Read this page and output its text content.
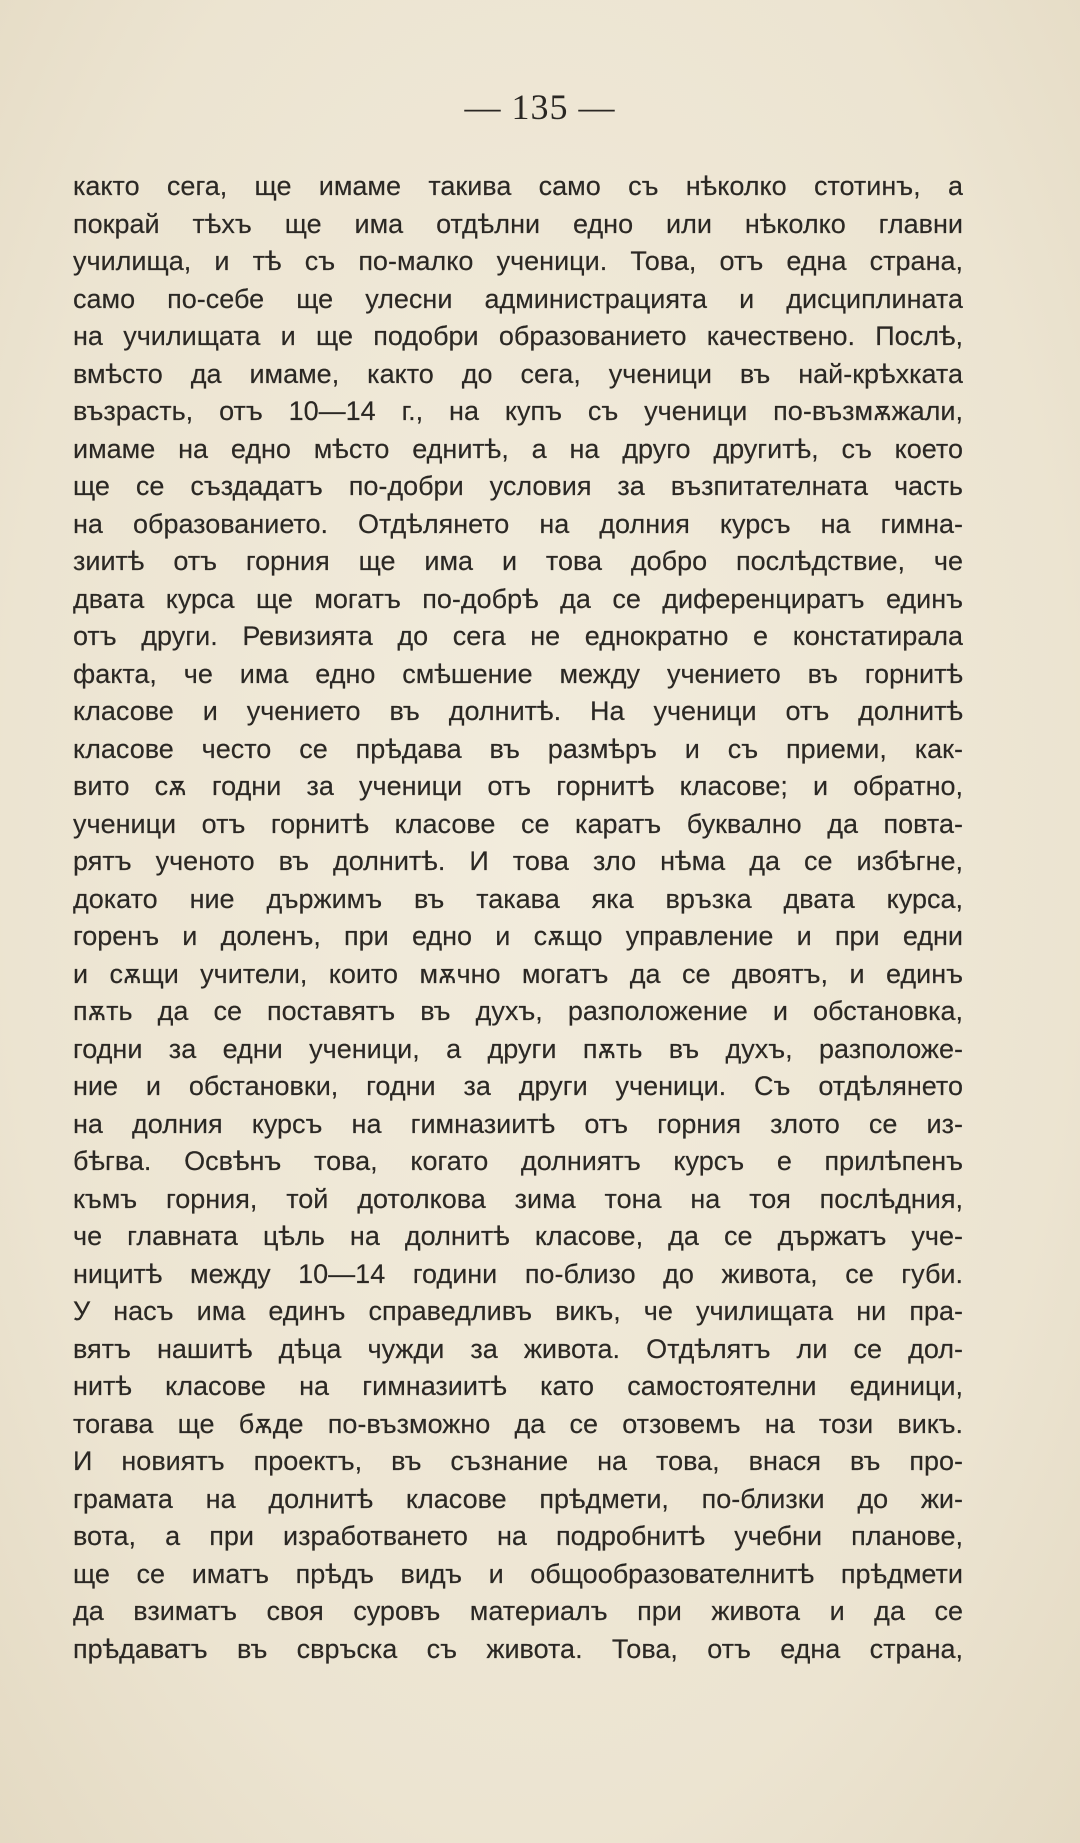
— 135 —
както сега, ще имаме такива само съ нѣколко стотинъ, а
покрай тѣхъ ще има отдѣлни едно или нѣколко главни
училища, и тѣ съ по-малко ученици. Това, отъ една страна,
само по-себе ще улесни администрацията и дисциплината
на училищата и ще подобри образованието качествено. Послѣ,
вмѣсто да имаме, както до сега, ученици въ най-крѣхката
възрасть, отъ 10—14 г., на купъ съ ученици по-възмѫжали,
имаме на едно мѣсто еднитѣ, а на друго другитѣ, съ което
ще се създадатъ по-добри условия за възпитателната часть
на образованието. Отдѣлянето на долния курсъ на гимна-
зиитѣ отъ горния ще има и това добро послѣдствие, че
двата курса ще могатъ по-добрѣ да се диференциратъ единъ
отъ други. Ревизията до сега не еднократно е констатирала
факта, че има едно смѣшение между учението въ горнитѣ
класове и учението въ долнитѣ. На ученици отъ долнитѣ
класове често се прѣдава въ размѣръ и съ приеми, как-
вито сѫ годни за ученици отъ горнитѣ класове; и обратно,
ученици отъ горнитѣ класове се каратъ буквално да повта-
рятъ ученото въ долнитѣ. И това зло нѣма да се избѣгне,
докато ние държимъ въ такава яка връзка двата курса,
горенъ и доленъ, при едно и сѫщо управление и при едни
и сѫщи учители, които мѫчно могатъ да се двоятъ, и единъ
пѫть да се поставятъ въ духъ, разположение и обстановка,
годни за едни ученици, а други пѫть въ духъ, разположе-
ние и обстановки, годни за други ученици. Съ отдѣлянето
на долния курсъ на гимназиитѣ отъ горния злото се из-
бѣгва. Освѣнъ това, когато долниятъ курсъ е прилѣпенъ
къмъ горния, той дотолкова зима тона на тоя послѣдния,
че главната цѣль на долнитѣ класове, да се държатъ уче-
ницитѣ между 10—14 години по-близо до живота, се губи.
У насъ има единъ справедливъ викъ, че училищата ни пра-
вятъ нашитѣ дѣца чужди за живота. Отдѣлятъ ли се дол-
нитѣ класове на гимназиитѣ като самостоятелни единици,
тогава ще бѫде по-възможно да се отзовемъ на този викъ.
И новиятъ проектъ, въ съзнание на това, внася въ про-
грамата на долнитѣ класове прѣдмети, по-близки до жи-
вота, а при изработването на подробнитѣ учебни планове,
ще се иматъ прѣдъ видъ и общообразователнитѣ прѣдмети
да взиматъ своя суровъ материалъ при живота и да се
прѣдаватъ въ свръска съ живота. Това, отъ една страна,
